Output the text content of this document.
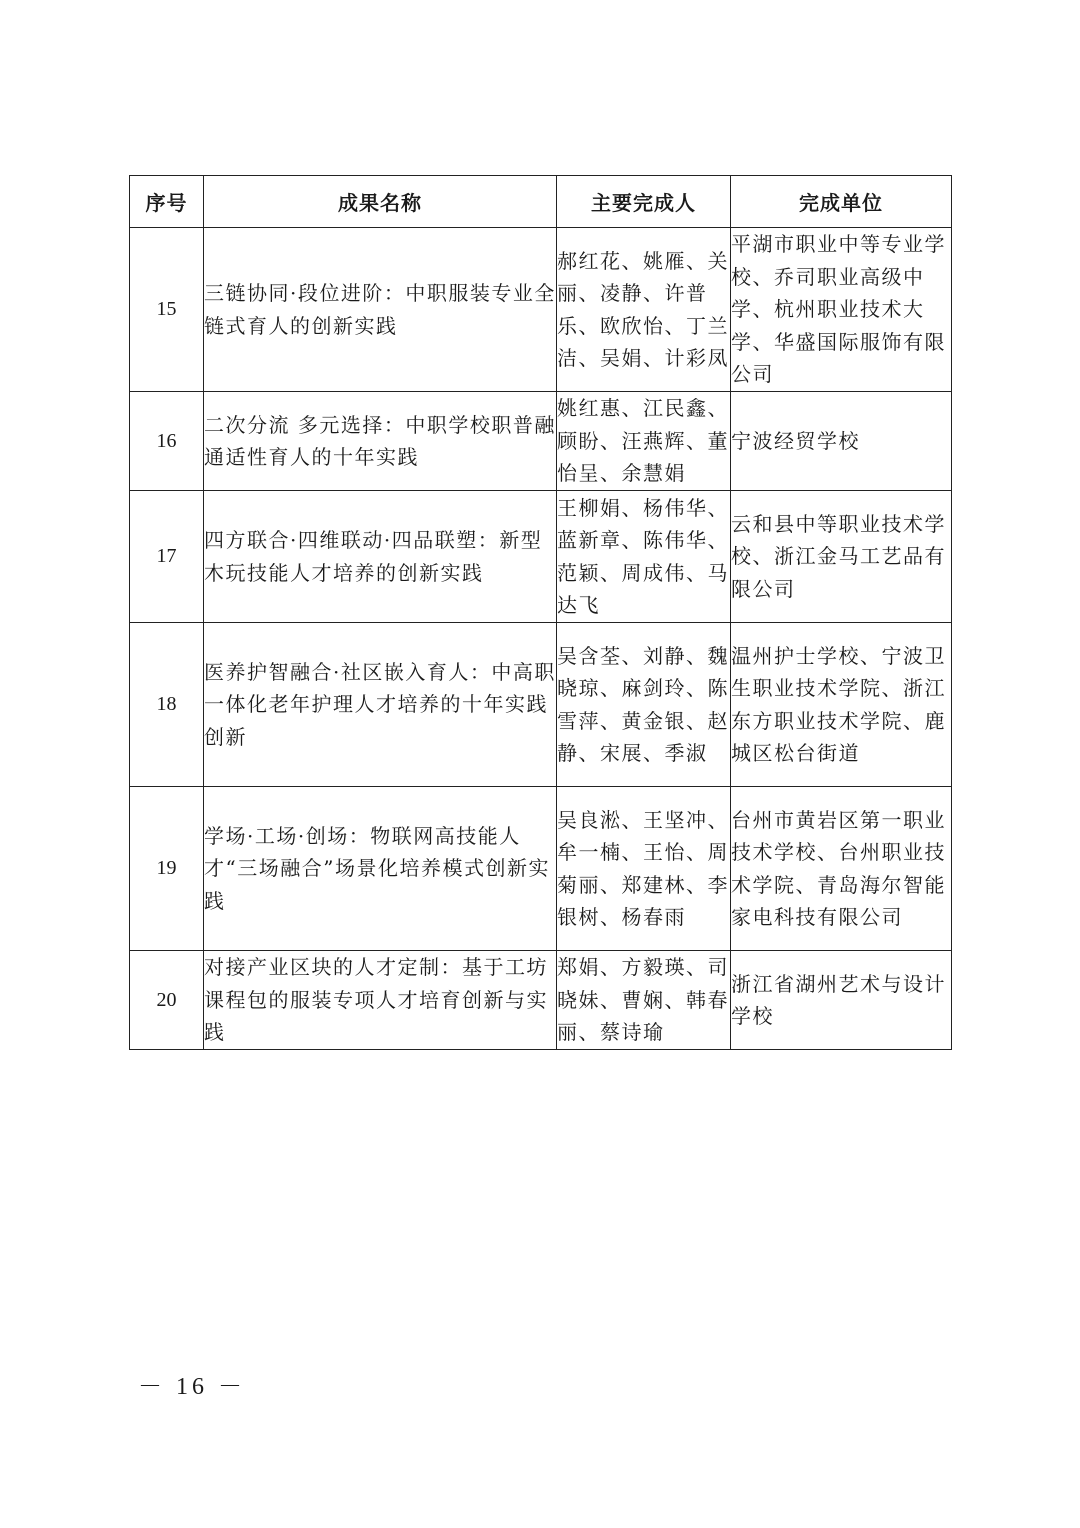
序号	成果名称	主要完成人	完成单位
15	三链协同·段位进阶：中职服装专业全链式育人的创新实践	郝红花、姚雁、关丽、凌静、许普乐、欧欣怡、丁兰洁、吴娟、计彩凤	平湖市职业中等专业学校、乔司职业高级中学、杭州职业技术大学、华盛国际服饰有限公司
16	二次分流 多元选择：中职学校职普融通适性育人的十年实践	姚红惠、江民鑫、顾盼、汪燕辉、董怡呈、余慧娟	宁波经贸学校
17	四方联合·四维联动·四品联塑：新型木玩技能人才培养的创新实践	王柳娟、杨伟华、蓝新章、陈伟华、范颖、周成伟、马达飞	云和县中等职业技术学校、浙江金马工艺品有限公司
18	医养护智融合·社区嵌入育人：中高职一体化老年护理人才培养的十年实践创新	吴含荃、刘静、魏晓琼、麻剑玲、陈雪萍、黄金银、赵静、宋展、季淑	温州护士学校、宁波卫生职业技术学院、浙江东方职业技术学院、鹿城区松台街道
19	学场·工场·创场：物联网高技能人才“三场融合”场景化培养模式创新实践	吴良淞、王坚冲、牟一楠、王怡、周菊丽、郑建林、李银树、杨春雨	台州市黄岩区第一职业技术学校、台州职业技术学院、青岛海尔智能家电科技有限公司
20	对接产业区块的人才定制：基于工坊课程包的服装专项人才培育创新与实践	郑娟、方毅瑛、司晓妹、曹娴、韩春丽、蔡诗瑜	浙江省湖州艺术与设计学校
－ 16 －
